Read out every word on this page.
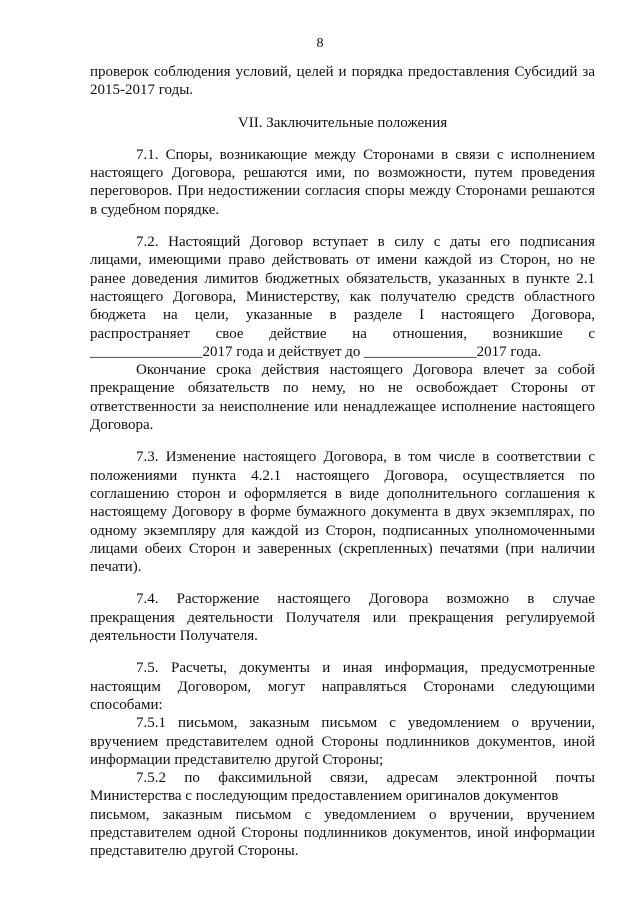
8
проверок соблюдения условий, целей и порядка предоставления Субсидий за
2015-2017 годы.
VII. Заключительные положения
7.1. Споры, возникающие между Сторонами в связи с исполнением
настоящего Договора, решаются ими, по возможности, путем проведения
переговоров. При недостижении согласия споры между Сторонами решаются
в судебном порядке.
7.2. Настоящий Договор вступает в силу с даты его подписания
лицами, имеющими право действовать от имени каждой из Сторон, но не
ранее доведения лимитов бюджетных обязательств, указанных в пункте 2.1
настоящего Договора, Министерству, как получателю средств областного
бюджета на цели, указанные в разделе I настоящего Договора,
распространяет свое действие на отношения, возникшие с
_______________2017 года и действует до _______________2017 года.
Окончание срока действия настоящего Договора влечет за собой
прекращение обязательств по нему, но не освобождает Стороны от
ответственности за неисполнение или ненадлежащее исполнение настоящего
Договора.
7.3. Изменение настоящего Договора, в том числе в соответствии с
положениями пункта 4.2.1 настоящего Договора, осуществляется по
соглашению сторон и оформляется в виде дополнительного соглашения к
настоящему Договору в форме бумажного документа в двух экземплярах, по
одному экземпляру для каждой из Сторон, подписанных уполномоченными
лицами обеих Сторон и заверенных (скрепленных) печатями (при наличии
печати).
7.4. Расторжение настоящего Договора возможно в случае
прекращения деятельности Получателя или прекращения регулируемой
деятельности Получателя.
7.5. Расчеты, документы и иная информация, предусмотренные
настоящим Договором, могут направляться Сторонами следующими
способами:
7.5.1 письмом, заказным письмом с уведомлением о вручении,
вручением представителем одной Стороны подлинников документов, иной
информации представителю другой Стороны;
7.5.2 по факсимильной связи, адресам электронной почты
Министерства с последующим предоставлением оригиналов документов
письмом, заказным письмом с уведомлением о вручении, вручением
представителем одной Стороны подлинников документов, иной информации
представителю другой Стороны.
